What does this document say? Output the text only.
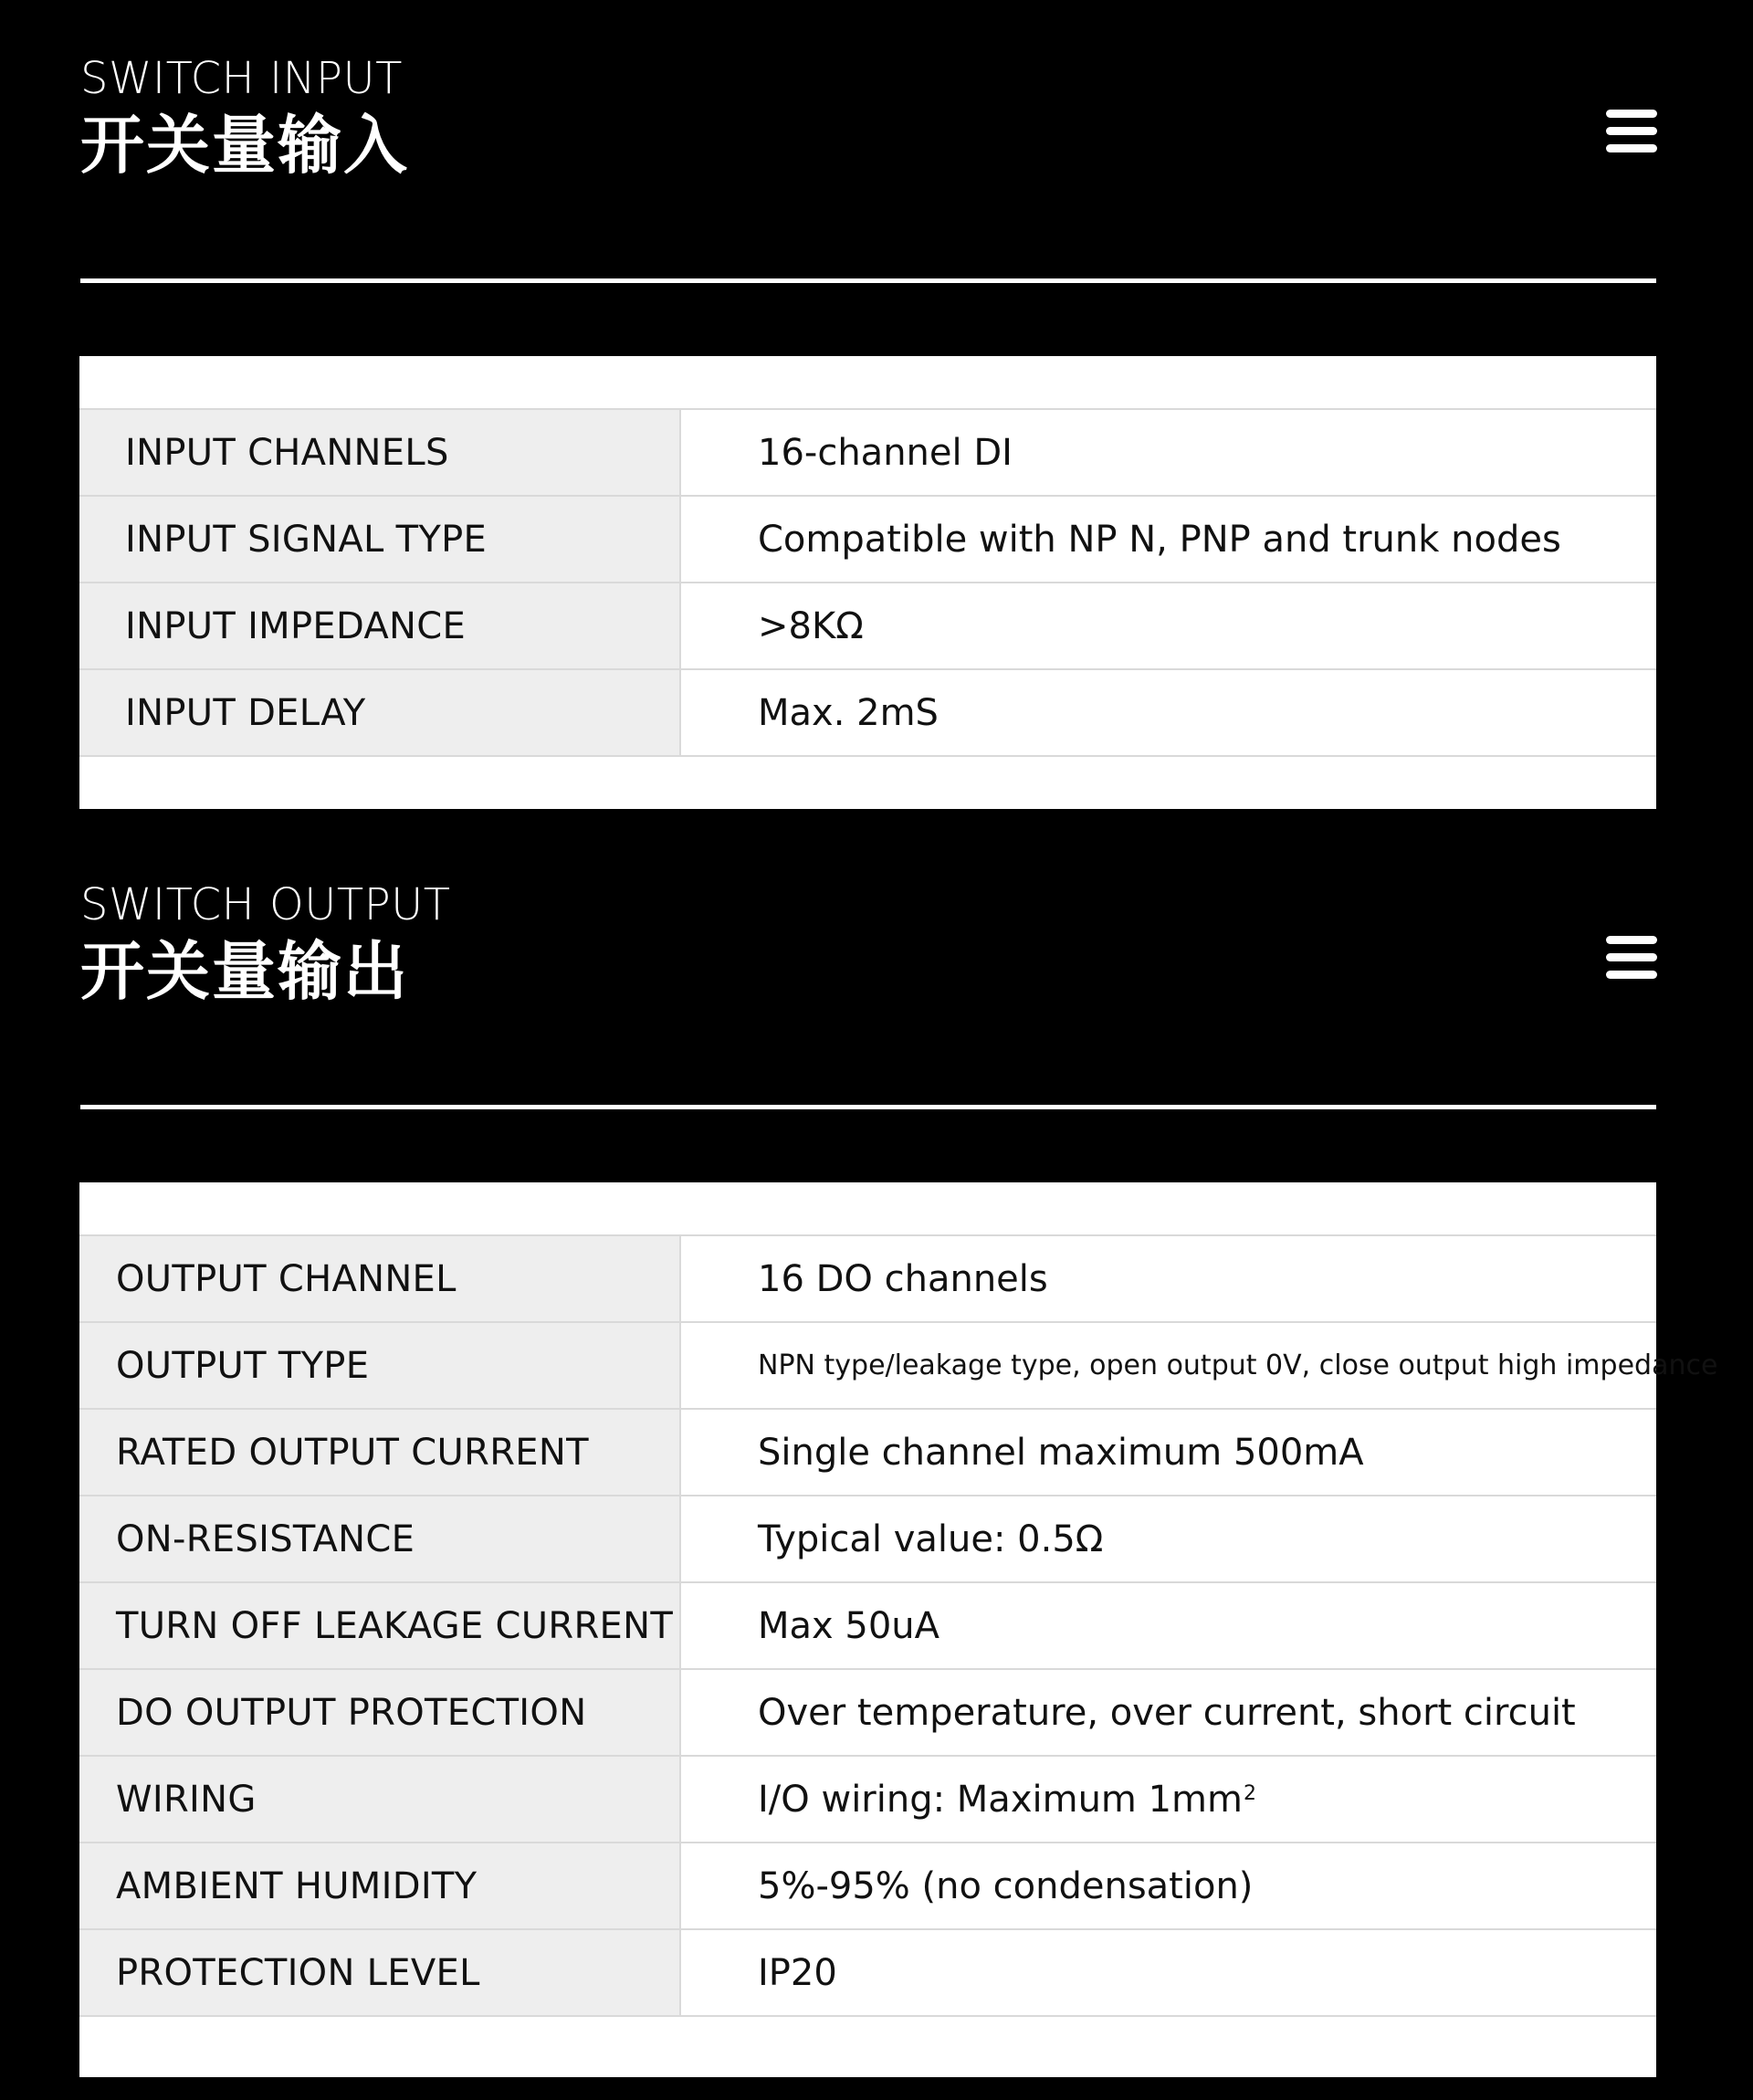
SWITCH INPUT
开关量输入
INPUT CHANNELS	16-channel DI
INPUT SIGNAL TYPE	Compatible with NP N, PNP and trunk nodes
INPUT IMPEDANCE	>8KΩ
INPUT DELAY	Max. 2mS
SWITCH OUTPUT
开关量输出
OUTPUT CHANNEL	16 DO channels
OUTPUT TYPE	NPN type/leakage type, open output 0V, close output high impedance
RATED OUTPUT CURRENT	Single channel maximum 500mA
ON-RESISTANCE	Typical value: 0.5Ω
TURN OFF LEAKAGE CURRENT	Max 50uA
DO OUTPUT PROTECTION	Over temperature, over current, short circuit
WIRING	I/O wiring: Maximum $1mm^2$
AMBIENT HUMIDITY	5%-95% (no condensation)
PROTECTION LEVEL	IP20
